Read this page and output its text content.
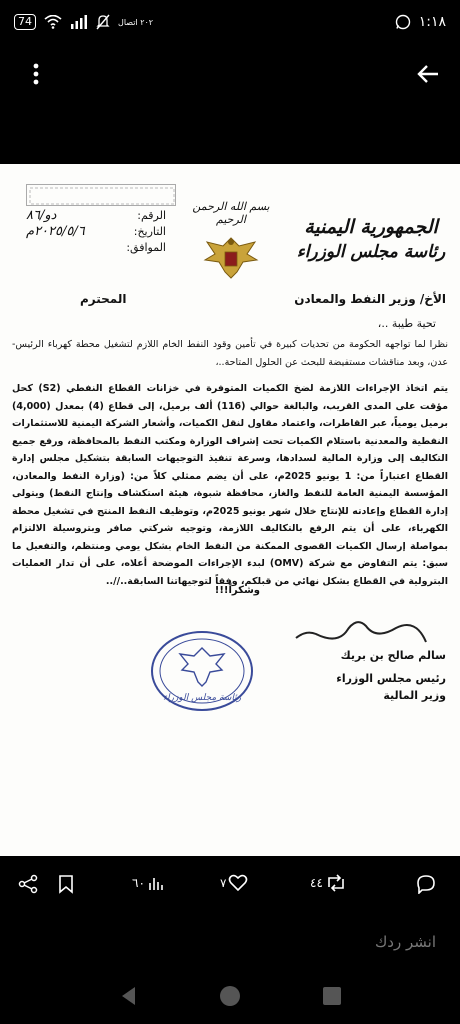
74	٢٠٢ اتصال	١:١٨
الرقم:
دو/٨٦
التاريخ:
٢٠٢٥/٥/٦م
الموافق:
بسم الله الرحمن الرحيم	الجمهورية اليمنية
رئاسة مجلس الوزراء
الأخ/ وزير النفط والمعادن
المحترم
تحية طيبة ..،
نظرا لما تواجهه الحكومة من تحديات كبيرة في تأمين وقود النفط الخام اللازم لتشغيل محطة كهرباء الرئيس- عدن، وبعد مناقشات مستفيضة للبحث عن الحلول المتاحة..،
يتم اتخاذ الإجراءات اللازمة لضخ الكميات المتوفرة في خزانات القطاع النفطي (S2) كحل مؤقت على المدى القريب، والبالغة حوالي (116) ألف برميل، إلى قطاع (4) بمعدل (4,000) برميل يومياً، عبر القاطرات، واعتماد مقاول لنقل الكميات، وأشعار الشركة اليمنية للاستثمارات النفطية والمعدنية باستلام الكميات تحت إشراف الوزارة ومكتب النفط بالمحافظة، ورفع جميع التكاليف إلى وزارة المالية لسدادها، وسرعة تنفيذ التوجيهات السابقة بتشكيل مجلس إدارة القطاع اعتباراً من: 1 يونيو 2025م، على أن يضم ممثلي كلاً من: (وزارة النفط والمعادن، المؤسسة اليمنية العامة للنفط والغاز، محافظة شبوة، هيئة استكشاف وإنتاج النفط) ويتولى إدارة القطاع وإعادته للإنتاج خلال شهر يونيو 2025م، وتوظيف النفط المنتج في تشغيل محطة الكهرباء، على أن يتم الرفع بالتكاليف اللازمة، وتوجيه شركتي صافر وبتروسيلة الالتزام بمواصلة إرسال الكميات القصوى الممكنة من النفط الخام بشكل يومي ومنتظم، والتفعيل ما سبق: يتم التفاوض مع شركة (OMV) لبدء الإجراءات الموضحة أعلاه، على أن تدار العمليات البترولية في القطاع بشكل نهائي من قبلكم، وفقاً لتوجيهاتنا السابقة..//..
وشكراً!!!
سالم صالح بن بريك
رئيس مجلس الوزراء
وزير المالية
رئاسة مجلس الوزراء
٦٠	٧	٤٤
انشر ردك
